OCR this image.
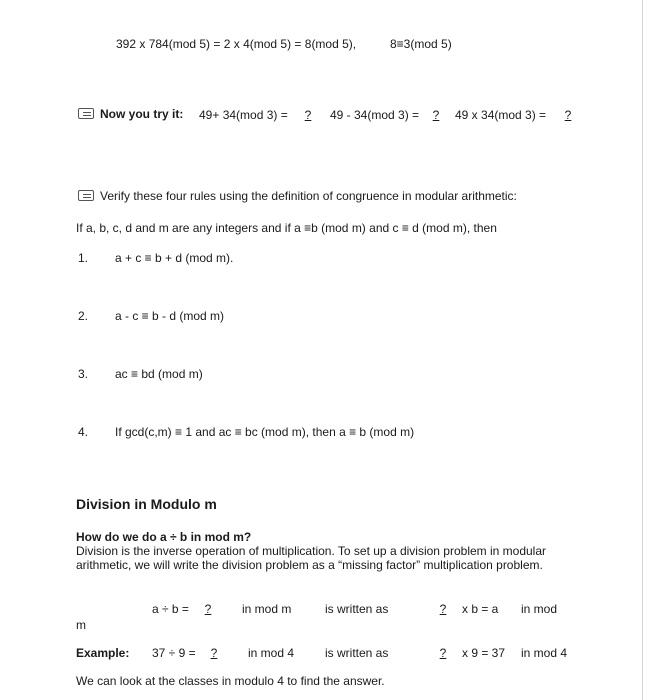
392 x 784(mod 5) = 2 x 4(mod 5) = 8(mod 5),	8≡3(mod 5)
Now you try it: 49+ 34(mod 3) =	?	49 - 34(mod 3) =	?	49 x 34(mod 3) =	?
Verify these four rules using the definition of congruence in modular arithmetic:
If a, b, c, d and m are any integers and if a ≡b (mod m) and c ≡ d (mod m), then
1. a + c ≡ b + d (mod m).
2. a - c ≡ b - d (mod m)
3. ac ≡ bd (mod m)
4. If gcd(c,m) ≡ 1 and ac ≡ bc (mod m), then a ≡ b (mod m)
Division in Modulo m
How do we do a ÷ b in mod m?
Division is the inverse operation of multiplication. To set up a division problem in modular arithmetic, we will write the division problem as a “missing factor” multiplication problem.
a ÷ b =	?	in mod m	is written as	?	x b = a in mod
m
Example: 37 ÷ 9 =	?	in mod 4	is written as	?	x 9 = 37 in mod 4
We can look at the classes in modulo 4 to find the answer.
